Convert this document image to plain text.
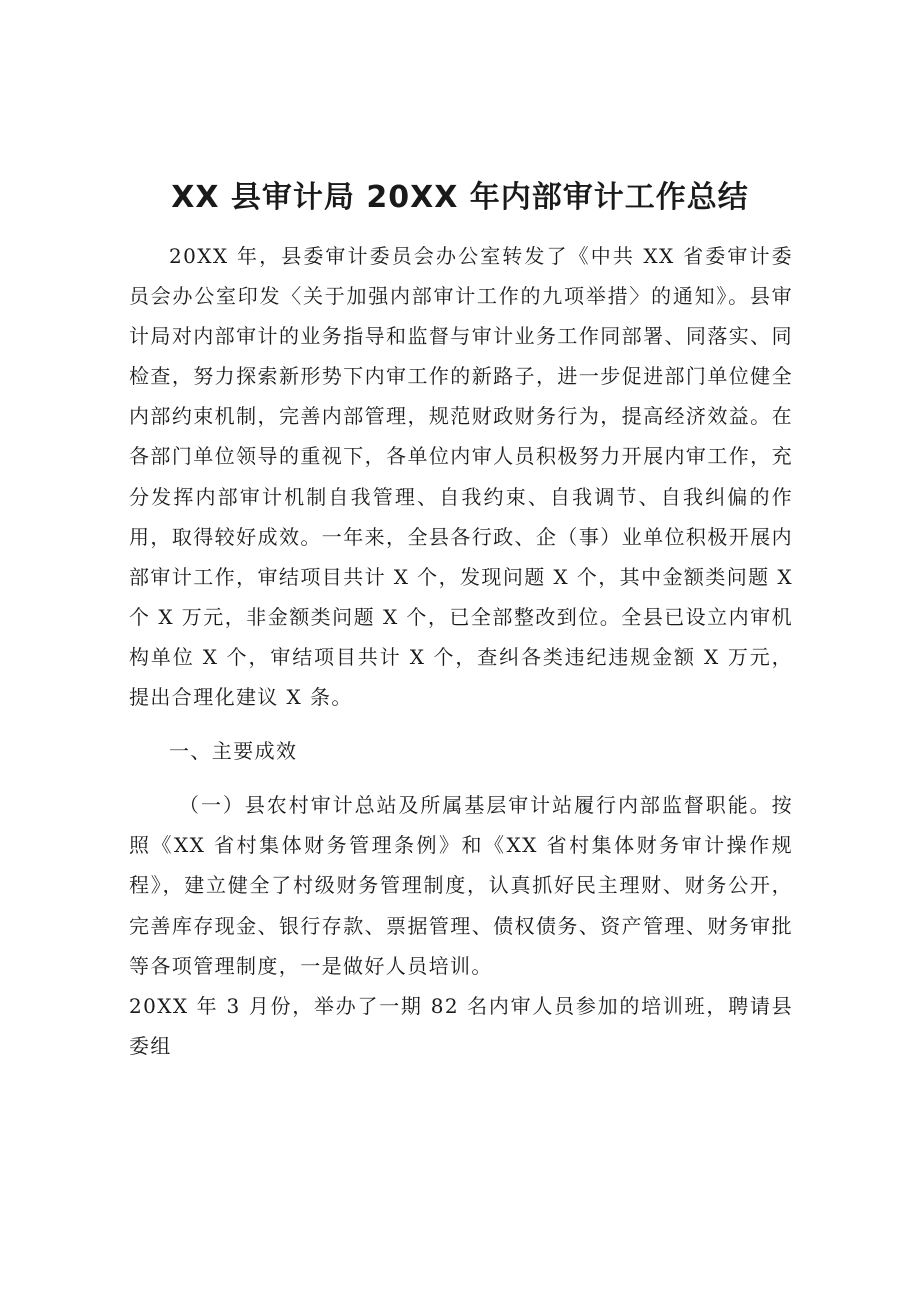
XX 县审计局 20XX 年内部审计工作总结

20XX 年，县委审计委员会办公室转发了《中共 XX 省委审计委员会办公室印发〈关于加强内部审计工作的九项举措〉的通知》。县审计局对内部审计的业务指导和监督与审计业务工作同部署、同落实、同检查，努力探索新形势下内审工作的新路子，进一步促进部门单位健全内部约束机制，完善内部管理，规范财政财务行为，提高经济效益。在各部门单位领导的重视下，各单位内审人员积极努力开展内审工作，充分发挥内部审计机制自我管理、自我约束、自我调节、自我纠偏的作用，取得较好成效。一年来，全县各行政、企（事）业单位积极开展内部审计工作，审结项目共计 X 个，发现问题 X 个，其中金额类问题 X 个 X 万元，非金额类问题 X 个，已全部整改到位。全县已设立内审机构单位 X 个，审结项目共计 X 个，查纠各类违纪违规金额 X 万元，提出合理化建议 X 条。

一、主要成效

（一）县农村审计总站及所属基层审计站履行内部监督职能。按照《XX 省村集体财务管理条例》和《XX 省村集体财务审计操作规程》，建立健全了村级财务管理制度，认真抓好民主理财、财务公开，完善库存现金、银行存款、票据管理、债权债务、资产管理、财务审批等各项管理制度，一是做好人员培训。

20XX 年 3 月份，举办了一期 82 名内审人员参加的培训班，聘请县委组
